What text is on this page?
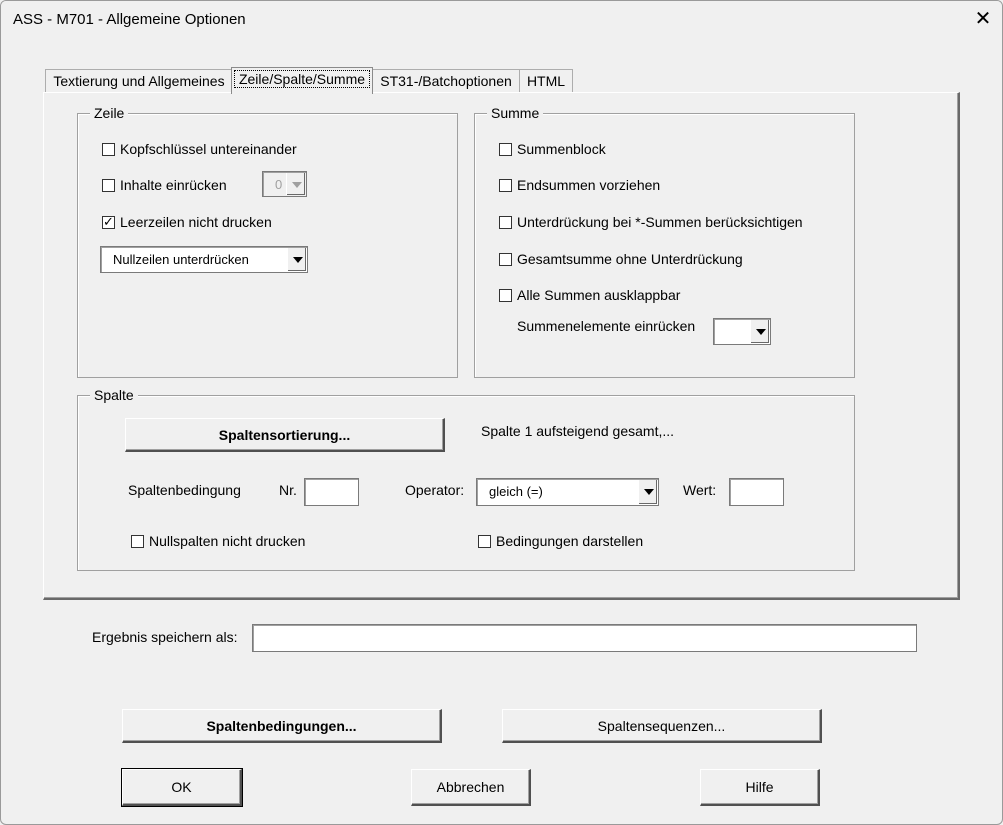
ASS - M701 - Allgemeine Optionen	✕
Textierung und Allgemeines	Zeile/Spalte/Summe	ST31-/Batchoptionen	HTML
Zeile
Kopfschlüssel untereinander
Inhalte einrücken	0
✓
Leerzeilen nicht drucken
Nullzeilen unterdrücken
Summe
Summenblock
Endsummen vorziehen
Unterdrückung bei *-Summen berücksichtigen
Gesamtsumme ohne Unterdrückung
Alle Summen ausklappbar
Summenelemente einrücken
Spalte
Spaltensortierung...	Spalte 1 aufsteigend gesamt,...
Spaltenbedingung	Nr.	Operator: gleich (=)	Wert:
Nullspalten nicht drucken	Bedingungen darstellen
Ergebnis speichern als:
Spaltenbedingungen...	Spaltensequenzen...
OK	Abbrechen	Hilfe
